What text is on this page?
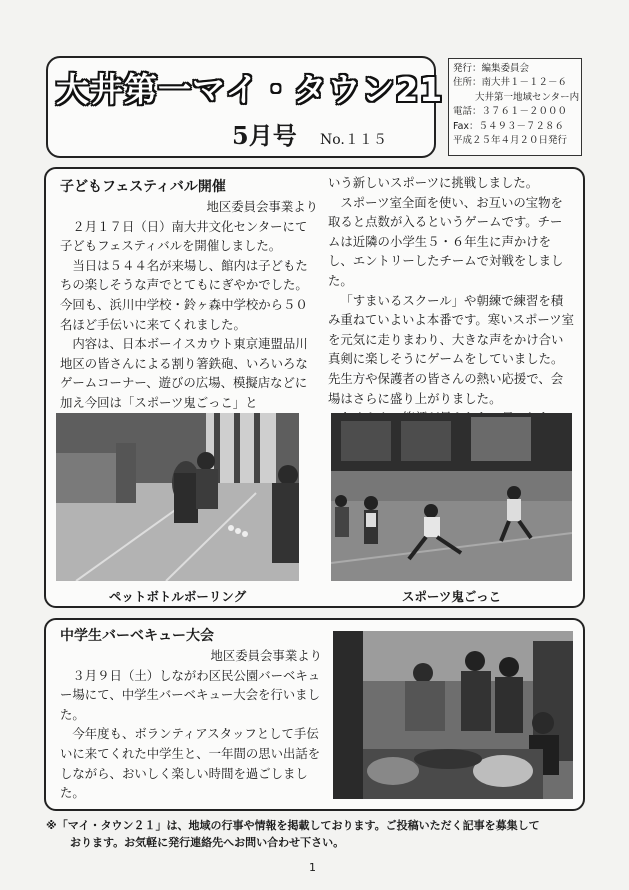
大井第一マイ・タウン21
5月号 No.１１５
発行：編集委員会
住所：南大井１－１２－６
大井第一地域センター内
電話：３７６１－２０００
Fax：５４９３－７２８６
平成２５年４月２０日発行

子どもフェスティバル開催

地区委員会事業より

２月１７日（日）南大井文化センターにて子どもフェスティバルを開催しました。

当日は５４４名が来場し、館内は子どもたちの楽しそうな声でとてもにぎやかでした。今回も、浜川中学校・鈴ヶ森中学校から５０名ほど手伝いに来てくれました。

内容は、日本ボーイスカウト東京連盟品川地区の皆さんによる割り箸鉄砲、いろいろなゲームコーナー、遊びの広場、模擬店などに加え今回は「スポーツ鬼ごっこ」と

いう新しいスポーツに挑戦しました。

スポーツ室全面を使い、お互いの宝物を取ると点数が入るというゲームです。チームは近隣の小学生５・６年生に声かけをし、エントリーしたチームで対戦をしました。

「すまいるスクール」や朝練で練習を積み重ねていよいよ本番です。寒いスポーツ室を元気に走りまわり、大きな声をかけ合い真剣に楽しそうにゲームをしていました。先生方や保護者の皆さんの熱い応援で、会場はさらに盛り上がりました。

ペットボトルボーリング	スポーツ鬼ごっこ

中学生バーベキュー大会

地区委員会事業より

３月９日（土）しながわ区民公園バーベキュー場にて、中学生バーベキュー大会を行いました。

今年度も、ボランティアスタッフとして手伝いに来てくれた中学生と、一年間の思い出話をしながら、おいしく楽しい時間を過ごしました。

※「マイ・タウン２１」は、地域の行事や情報を掲載しております。ご投稿いただく記事を募集して
おります。お気軽に発行連絡先へお問い合わせ下さい。
1
